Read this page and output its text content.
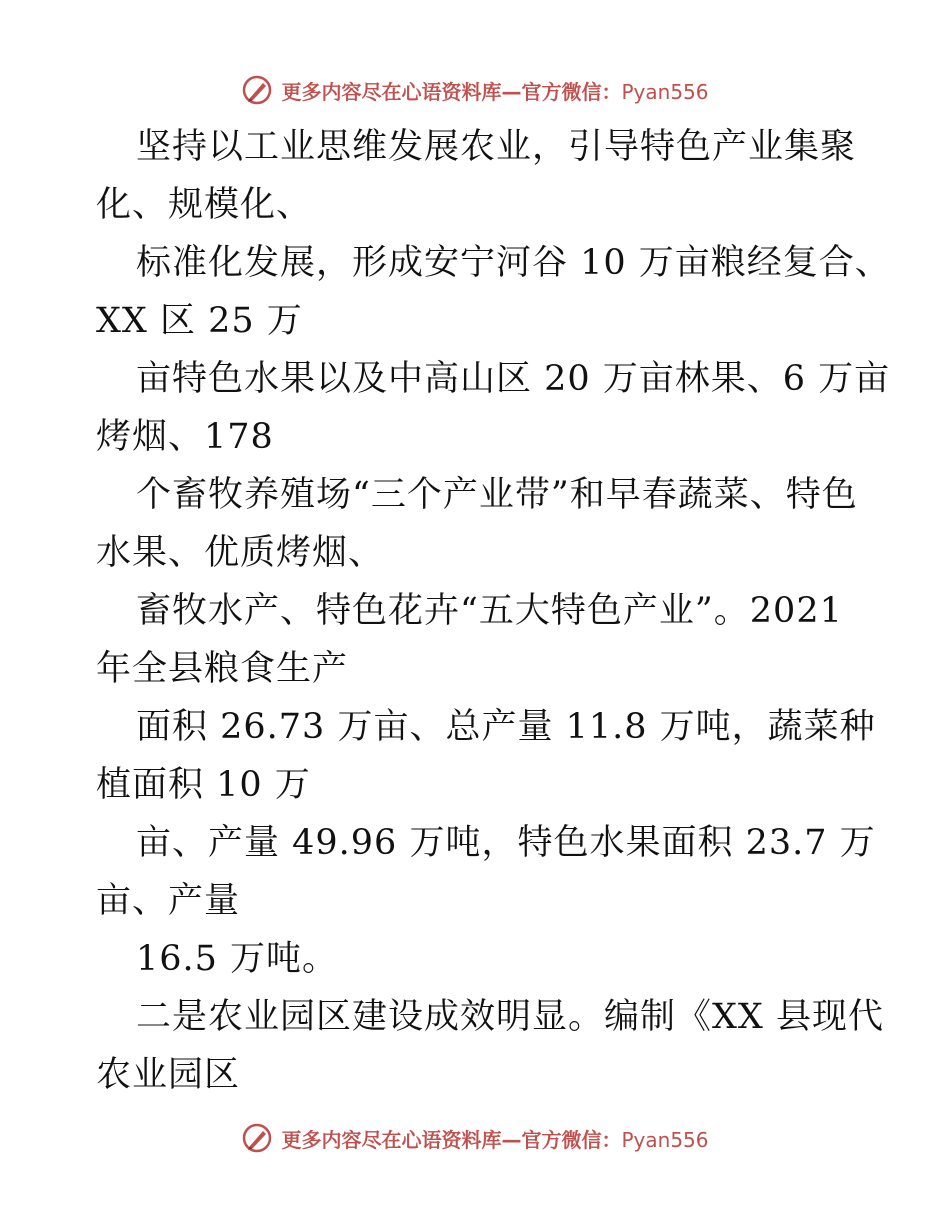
更多内容尽在心语资料库—官方微信：Pyan556
坚持以工业思维发展农业，引导特色产业集聚
化、规模化、
标准化发展，形成安宁河谷 10 万亩粮经复合、
XX 区 25 万
亩特色水果以及中高山区 20 万亩林果、6 万亩
烤烟、178
个畜牧养殖场“三个产业带”和早春蔬菜、特色
水果、优质烤烟、
畜牧水产、特色花卉“五大特色产业”。2021
年全县粮食生产
面积 26.73 万亩、总产量 11.8 万吨，蔬菜种
植面积 10 万
亩、产量 49.96 万吨，特色水果面积 23.7 万
亩、产量
16.5 万吨。
二是农业园区建设成效明显。编制《XX 县现代
农业园区
更多内容尽在心语资料库—官方微信：Pyan556
